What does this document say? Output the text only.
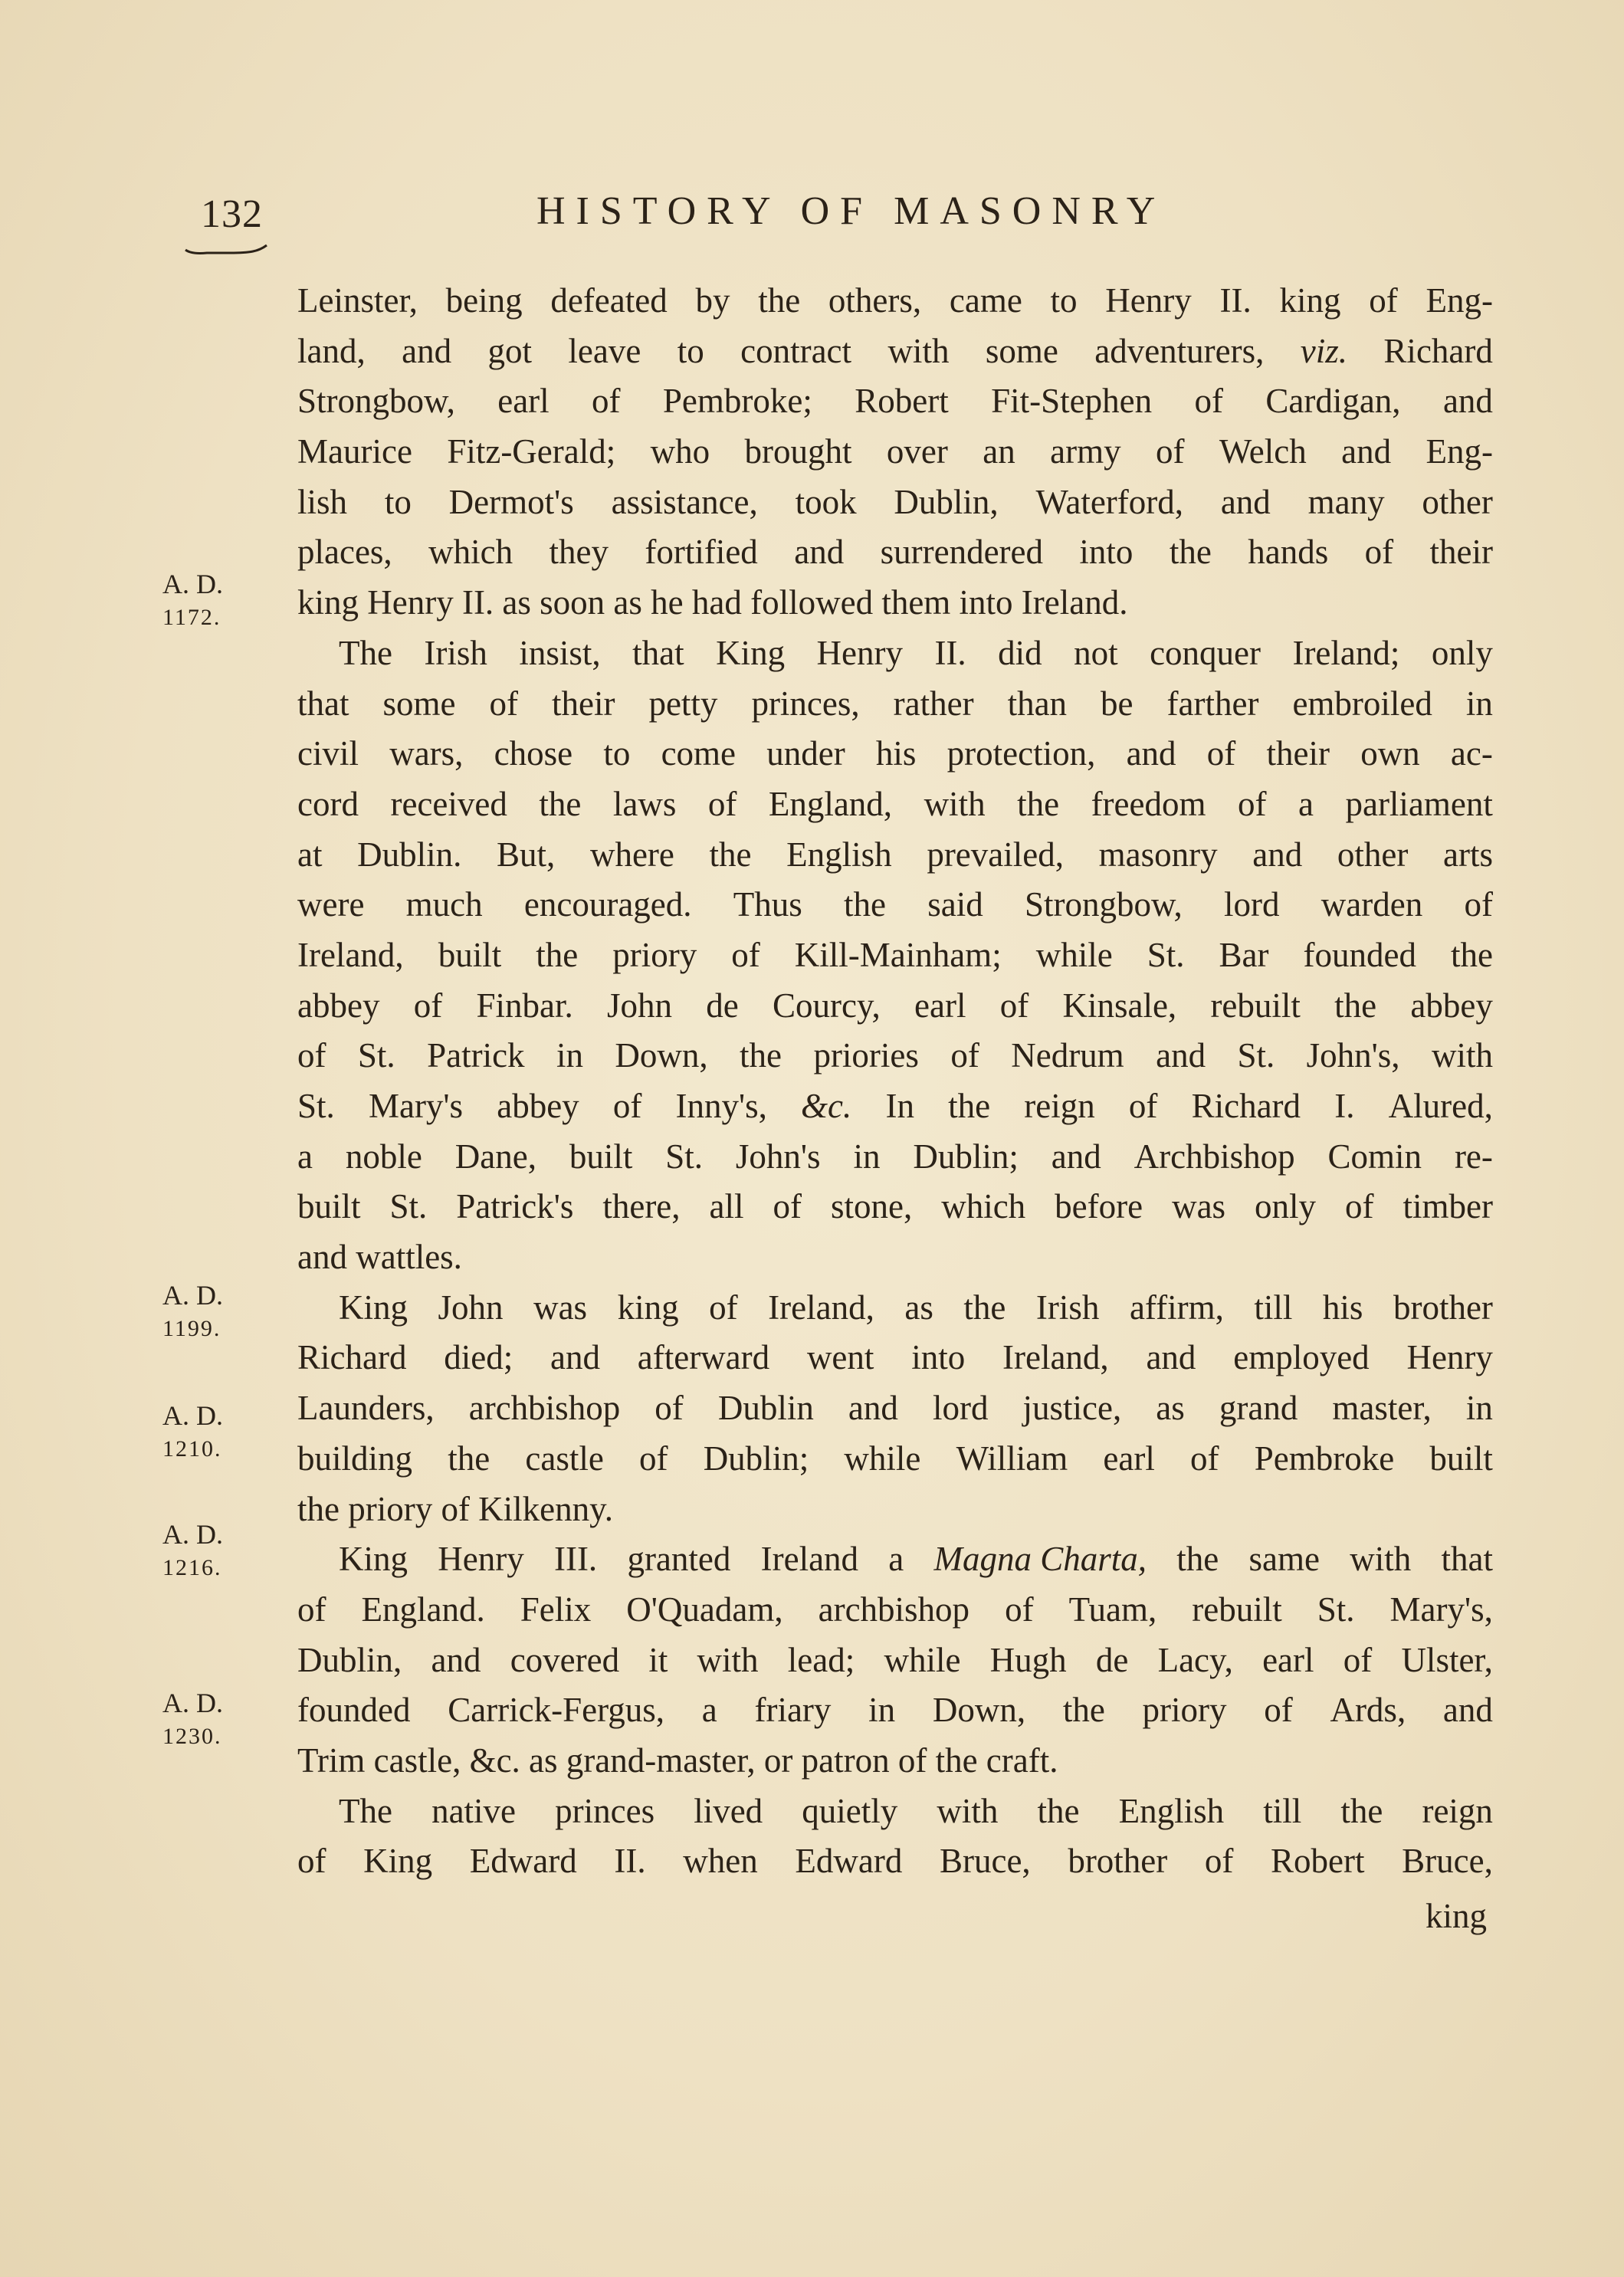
132	HISTORY OF MASONRY
A. D.
1172.
A. D.
1199.
A. D.
1210.
A. D.
1216.
A. D.
1230.
Leinster, being defeated by the others, came to Henry II. king of Eng-
land, and got leave to contract with some adventurers, viz. Richard
Strongbow, earl of Pembroke; Robert Fit-Stephen of Cardigan, and
Maurice Fitz-Gerald; who brought over an army of Welch and Eng-
lish to Dermot's assistance, took Dublin, Waterford, and many other
places, which they fortified and surrendered into the hands of their
king Henry II. as soon as he had followed them into Ireland.
The Irish insist, that King Henry II. did not conquer Ireland; only
that some of their petty princes, rather than be farther embroiled in
civil wars, chose to come under his protection, and of their own ac-
cord received the laws of England, with the freedom of a parliament
at Dublin. But, where the English prevailed, masonry and other arts
were much encouraged. Thus the said Strongbow, lord warden of
Ireland, built the priory of Kill-Mainham; while St. Bar founded the
abbey of Finbar. John de Courcy, earl of Kinsale, rebuilt the abbey
of St. Patrick in Down, the priories of Nedrum and St. John's, with
St. Mary's abbey of Inny's, &c. In the reign of Richard I. Alured,
a noble Dane, built St. John's in Dublin; and Archbishop Comin re-
built St. Patrick's there, all of stone, which before was only of timber
and wattles.
King John was king of Ireland, as the Irish affirm, till his brother
Richard died; and afterward went into Ireland, and employed Henry
Launders, archbishop of Dublin and lord justice, as grand master, in
building the castle of Dublin; while William earl of Pembroke built
the priory of Kilkenny.
King Henry III. granted Ireland a Magna Charta, the same with that
of England. Felix O'Quadam, archbishop of Tuam, rebuilt St. Mary's,
Dublin, and covered it with lead; while Hugh de Lacy, earl of Ulster,
founded Carrick-Fergus, a friary in Down, the priory of Ards, and
Trim castle, &c. as grand-master, or patron of the craft.
The native princes lived quietly with the English till the reign
of King Edward II. when Edward Bruce, brother of Robert Bruce,
king
